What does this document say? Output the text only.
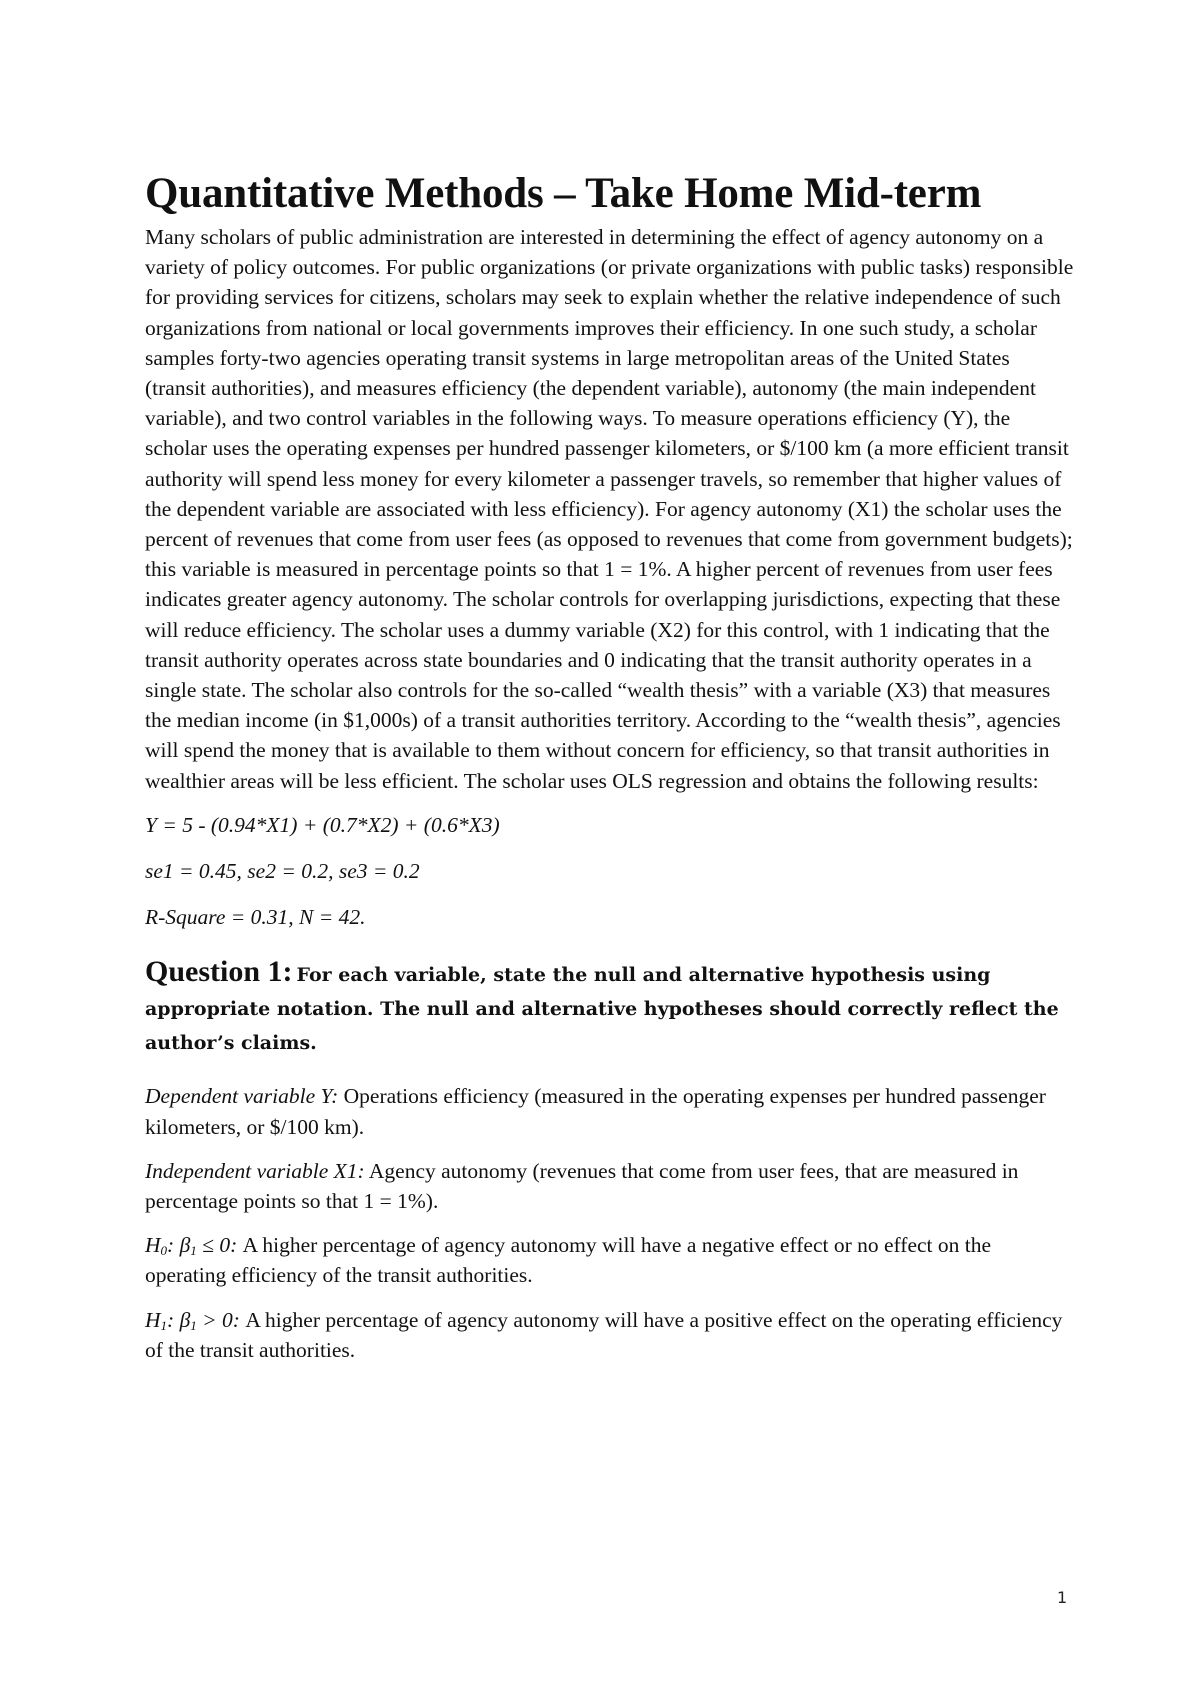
Quantitative Methods – Take Home Mid-term

Many scholars of public administration are interested in determining the effect of agency autonomy on a variety of policy outcomes. For public organizations (or private organizations with public tasks) responsible for providing services for citizens, scholars may seek to explain whether the relative independence of such organizations from national or local governments improves their efficiency. In one such study, a scholar samples forty-two agencies operating transit systems in large metropolitan areas of the United States (transit authorities), and measures efficiency (the dependent variable), autonomy (the main independent variable), and two control variables in the following ways. To measure operations efficiency (Y), the scholar uses the operating expenses per hundred passenger kilometers, or $/100 km (a more efficient transit authority will spend less money for every kilometer a passenger travels, so remember that higher values of the dependent variable are associated with less efficiency). For agency autonomy (X1) the scholar uses the percent of revenues that come from user fees (as opposed to revenues that come from government budgets); this variable is measured in percentage points so that 1 = 1%. A higher percent of revenues from user fees indicates greater agency autonomy. The scholar controls for overlapping jurisdictions, expecting that these will reduce efficiency. The scholar uses a dummy variable (X2) for this control, with 1 indicating that the transit authority operates across state boundaries and 0 indicating that the transit authority operates in a single state. The scholar also controls for the so-called “wealth thesis” with a variable (X3) that measures the median income (in $1,000s) of a transit authorities territory. According to the “wealth thesis”, agencies will spend the money that is available to them without concern for efficiency, so that transit authorities in wealthier areas will be less efficient. The scholar uses OLS regression and obtains the following results:

Y = 5 - (0.94*X1) + (0.7*X2) + (0.6*X3)

se1 = 0.45, se2 = 0.2, se3 = 0.2

R-Square = 0.31, N = 42.

Question 1: For each variable, state the null and alternative hypothesis using appropriate notation. The null and alternative hypotheses should correctly reflect the author’s claims.

Dependent variable Y: Operations efficiency (measured in the operating expenses per hundred passenger kilometers, or $/100 km).

Independent variable X1: Agency autonomy (revenues that come from user fees, that are measured in percentage points so that 1 = 1%).

$H_0$: $\beta_1 \le 0$: A higher percentage of agency autonomy will have a negative effect or no effect on the operating efficiency of the transit authorities.

$H_1$: $\beta_1 > 0$: A higher percentage of agency autonomy will have a positive effect on the operating efficiency of the transit authorities.

1
